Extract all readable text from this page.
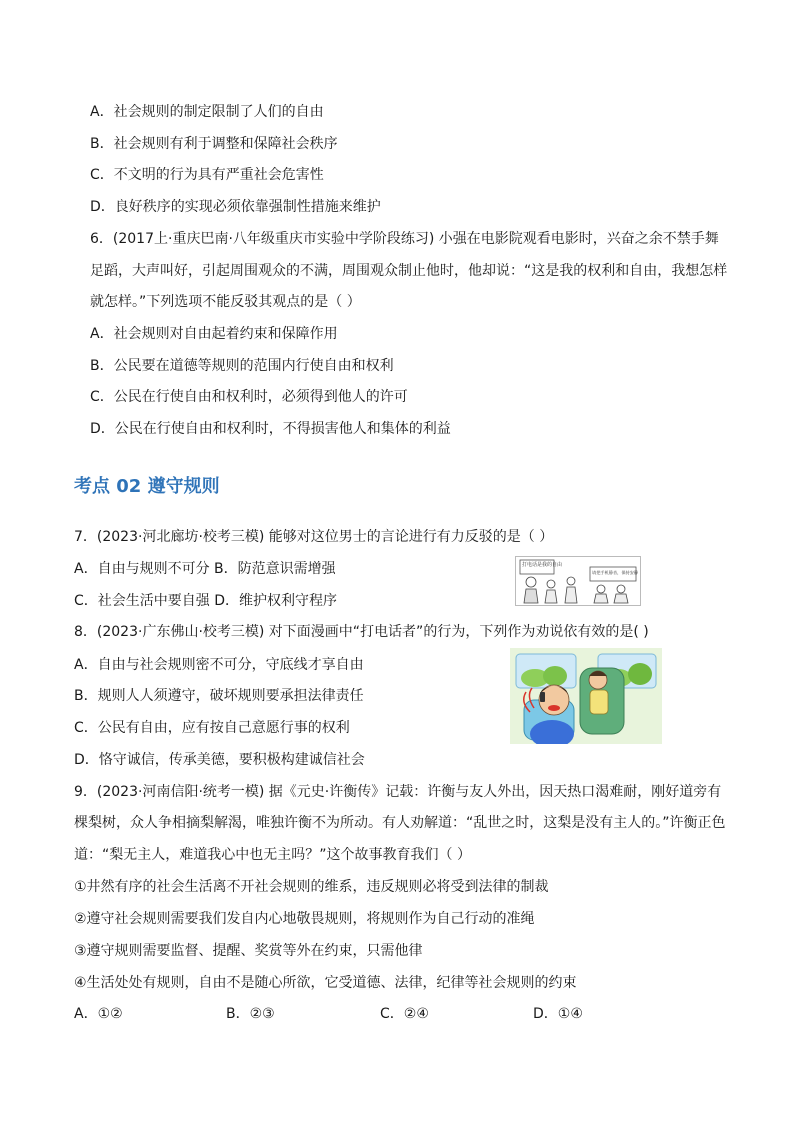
A．社会规则的制定限制了人们的自由
B．社会规则有利于调整和保障社会秩序
C．不文明的行为具有严重社会危害性
D．良好秩序的实现必须依靠强制性措施来维护
6．(2017上·重庆巴南·八年级重庆市实验中学阶段练习) 小强在电影院观看电影时，兴奋之余不禁手舞
足蹈，大声叫好，引起周围观众的不满，周围观众制止他时，他却说：“这是我的权利和自由，我想怎样
就怎样。”下列选项不能反驳其观点的是（ ）
A．社会规则对自由起着约束和保障作用
B．公民要在道德等规则的范围内行使自由和权利
C．公民在行使自由和权利时，必须得到他人的许可
D．公民在行使自由和权利时，不得损害他人和集体的利益
考点 02 遵守规则
7．(2023·河北廊坊·校考三模) 能够对这位男士的言论进行有力反驳的是（ ）
A．自由与规则不可分 B．防范意识需增强
C．社会生活中要自强 D．维护权利守程序
打电话是我的自由
请把手机静音，保持安静
8．(2023·广东佛山·校考三模) 对下面漫画中“打电话者”的行为，下列作为劝说依有效的是( )
A．自由与社会规则密不可分，守底线才享自由
B．规则人人须遵守，破坏规则要承担法律责任
C．公民有自由，应有按自己意愿行事的权利
D．恪守诚信，传承美德，要积极构建诚信社会
9．(2023·河南信阳·统考一模) 据《元史·许衡传》记载：许衡与友人外出，因天热口渴难耐，刚好道旁有
棵梨树，众人争相摘梨解渴，唯独许衡不为所动。有人劝解道：“乱世之时，这梨是没有主人的。”许衡正色
道：“梨无主人，难道我心中也无主吗？”这个故事教育我们（ ）
①井然有序的社会生活离不开社会规则的维系，违反规则必将受到法律的制裁
②遵守社会规则需要我们发自内心地敬畏规则，将规则作为自己行动的准绳
③遵守规则需要监督、提醒、奖赏等外在约束，只需他律
④生活处处有规则，自由不是随心所欲，它受道德、法律，纪律等社会规则的约束
A．①②	B．②③	C．②④	D．①④
